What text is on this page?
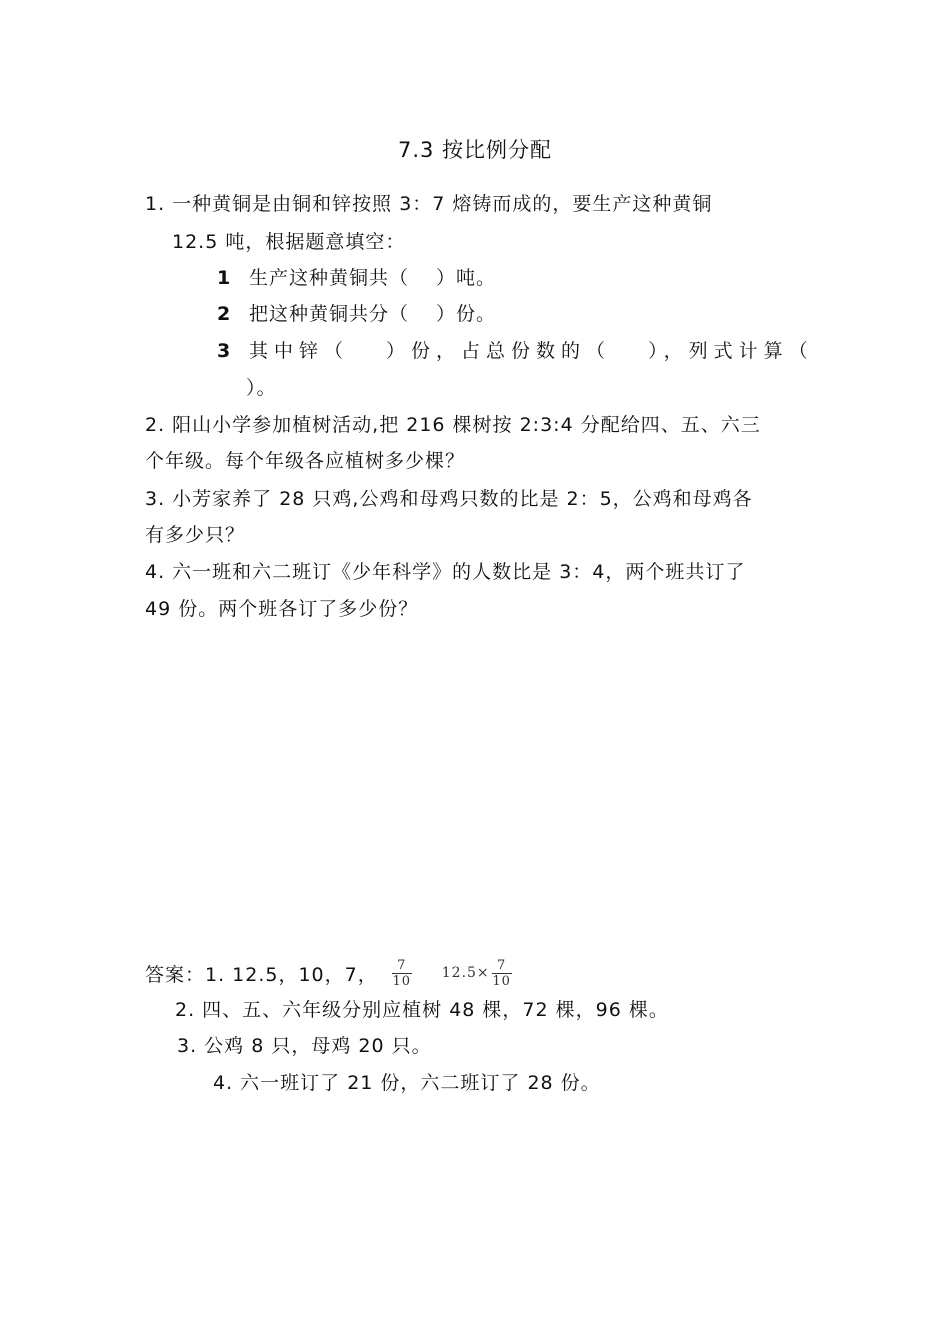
7.3 按比例分配
1. 一种黄铜是由铜和锌按照 3：7 熔铸而成的，要生产这种黄铜
12.5 吨，根据题意填空：
1 生产这种黄铜共（　 ）吨。
2 把这种黄铜共分（　 ）份。
3 其中锌（　 ）份，占总份数的（　 ），列式计算（
）。
2. 阳山小学参加植树活动,把 216 棵树按 2:3:4 分配给四、五、六三
个年级。每个年级各应植树多少棵？
3. 小芳家养了 28 只鸡,公鸡和母鸡只数的比是 2：5，公鸡和母鸡各
有多少只？
4. 六一班和六二班订《少年科学》的人数比是 3：4，两个班共订了
49 份。两个班各订了多少份？
答案：1. 12.5，10，7， $\frac{7}{10} 12.5\times \frac{7}{10}$
2. 四、五、六年级分别应植树 48 棵，72 棵，96 棵。
3. 公鸡 8 只，母鸡 20 只。
4. 六一班订了 21 份，六二班订了 28 份。
